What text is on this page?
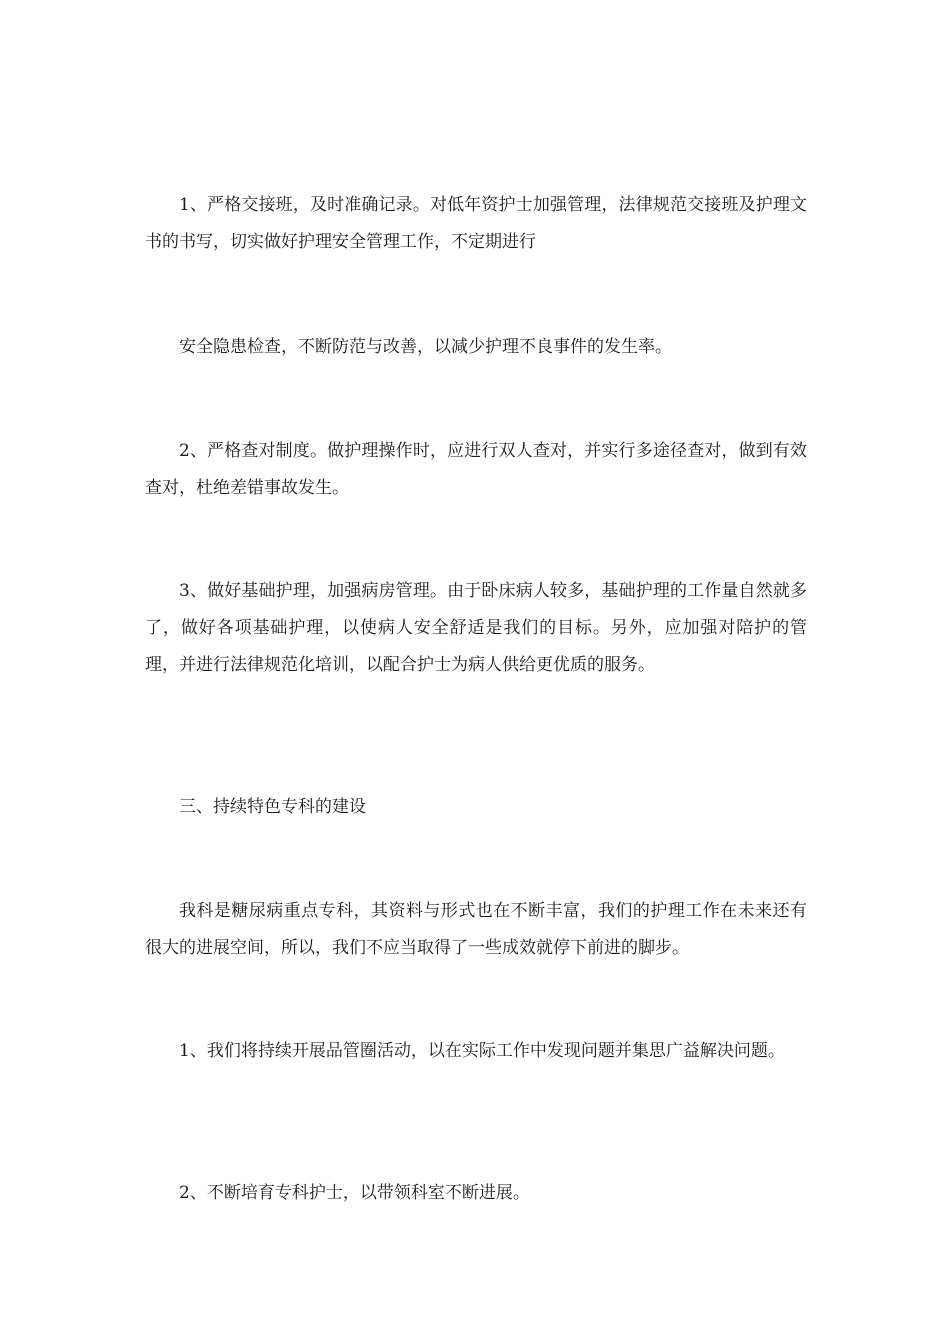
1、严格交接班，及时准确记录。对低年资护士加强管理，法律规范交接班及护理文书的书写，切实做好护理安全管理工作，不定期进行

安全隐患检查，不断防范与改善，以减少护理不良事件的发生率。

2、严格查对制度。做护理操作时，应进行双人查对，并实行多途径查对，做到有效查对，杜绝差错事故发生。

3、做好基础护理，加强病房管理。由于卧床病人较多，基础护理的工作量自然就多了，做好各项基础护理，以使病人安全舒适是我们的目标。另外，应加强对陪护的管理，并进行法律规范化培训，以配合护士为病人供给更优质的服务。

三、持续特色专科的建设

我科是糖尿病重点专科，其资料与形式也在不断丰富，我们的护理工作在未来还有很大的进展空间，所以，我们不应当取得了一些成效就停下前进的脚步。

1、我们将持续开展品管圈活动，以在实际工作中发现问题并集思广益解决问题。

2、不断培育专科护士，以带领科室不断进展。
